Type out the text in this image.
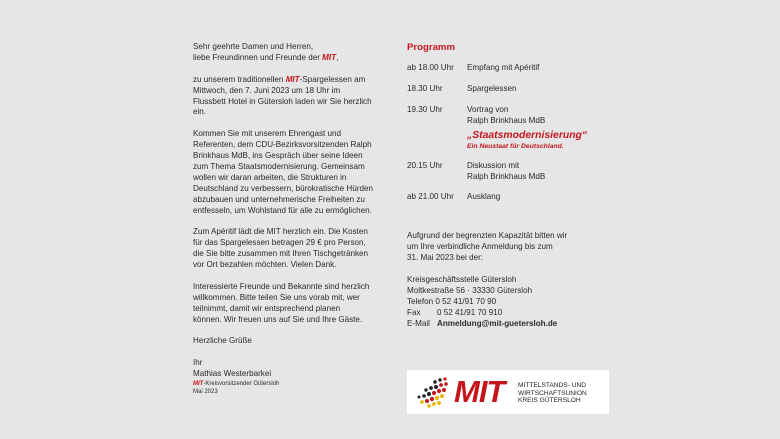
Sehr geehrte Damen und Herren,
liebe Freundinnen und Freunde der MIT,

zu unserem traditionellen MIT-Spargelessen am
Mittwoch, den 7. Juni 2023 um 18 Uhr im
Flussbett Hotel in Gütersloh laden wir Sie herzlich
ein.

Kommen Sie mit unserem Ehrengast und
Referenten, dem CDU-Bezirksvorsitzenden Ralph
Brinkhaus MdB, ins Gespräch über seine Ideen
zum Thema Staatsmodernisierung. Gemeinsam
wollen wir daran arbeiten, die Strukturen in
Deutschland zu verbessern, bürokratische Hürden
abzubauen und unternehmerische Freiheiten zu
entfesseln, um Wohlstand für alle zu ermöglichen.

Zum Apéritif lädt die MIT herzlich ein. Die Kosten
für das Spargelessen betragen 29 € pro Person,
die Sie bitte zusammen mit Ihren Tischgetränken
vor Ort bezahlen möchten. Vielen Dank.

Interessierte Freunde und Bekannte sind herzlich
willkommen. Bitte teilen Sie uns vorab mit, wer
teilnimmt, damit wir entsprechend planen
können. Wir freuen uns auf Sie und Ihre Gäste.

Herzliche Grüße

Ihr

Mathias Westerbarkei

MIT-Kreisvorsitzender Gütersloh

Mai 2023

Programm
ab 18.00 Uhr	Empfang mit Apéritif
18.30 Uhr	Spargelessen
19.30 Uhr	Vortrag von
Ralph Brinkhaus MdB
„Staatsmodernisierung“
Ein Neustaat für Deutschland.
20.15 Uhr	Diskussion mit
Ralph Brinkhaus MdB
ab 21.00 Uhr	Ausklang

Aufgrund der begrenzten Kapazität bitten wir
um Ihre verbindliche Anmeldung bis zum
31. Mai 2023 bei der:

Kreisgeschäftsstelle Gütersloh
Moltkestraße 56 · 33330 Gütersloh
Telefon 0 52 41/91 70 90
Fax	0 52 41/91 70 910
E-Mail Anmeldung@mit-guetersloh.de
MIT MITTELSTANDS- UND
WIRTSCHAFTSUNION
KREIS GÜTERSLOH
